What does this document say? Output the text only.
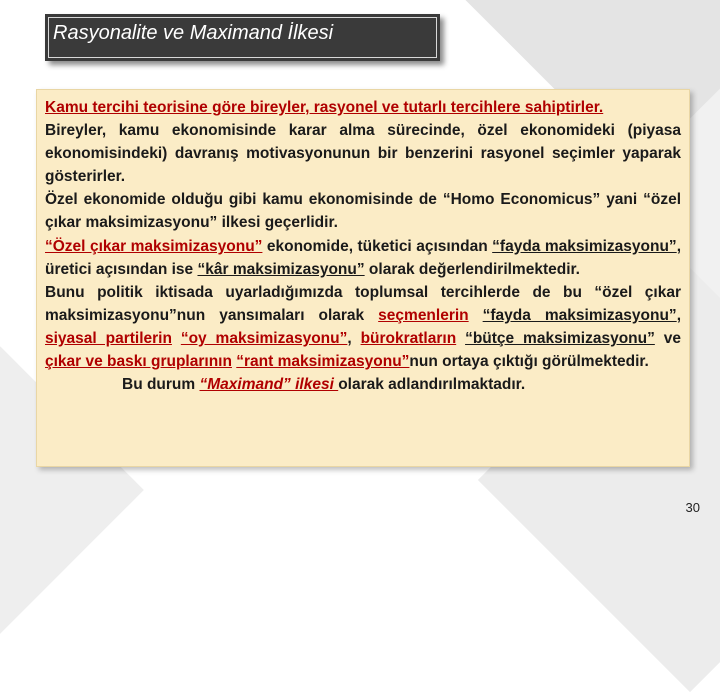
Rasyonalite ve Maximand İlkesi

Kamu tercihi teorisine göre bireyler, rasyonel ve tutarlı tercihlere sahiptirler.

Bireyler, kamu ekonomisinde karar alma sürecinde, özel ekonomideki (piyasa ekonomisindeki) davranış motivasyonunun bir benzerini rasyonel seçimler yaparak gösterirler.

Özel ekonomide olduğu gibi kamu ekonomisinde de “Homo Economicus” yani “özel çıkar maksimizasyonu” ilkesi geçerlidir.

“Özel çıkar maksimizasyonu” ekonomide, tüketici açısından “fayda maksimizasyonu”, üretici açısından ise “kâr maksimizasyonu” olarak değerlendirilmektedir.

Bunu politik iktisada uyarladığımızda toplumsal tercihlerde de bu “özel çıkar maksimizasyonu”nun yansımaları olarak seçmenlerin “fayda maksimizasyonu”, siyasal partilerin “oy maksimizasyonu”, bürokratların “bütçe maksimizasyonu” ve çıkar ve baskı gruplarının “rant maksimizasyonu”nun ortaya çıktığı görülmektedir.

Bu durum “Maximand” ilkesi olarak adlandırılmaktadır.

30
